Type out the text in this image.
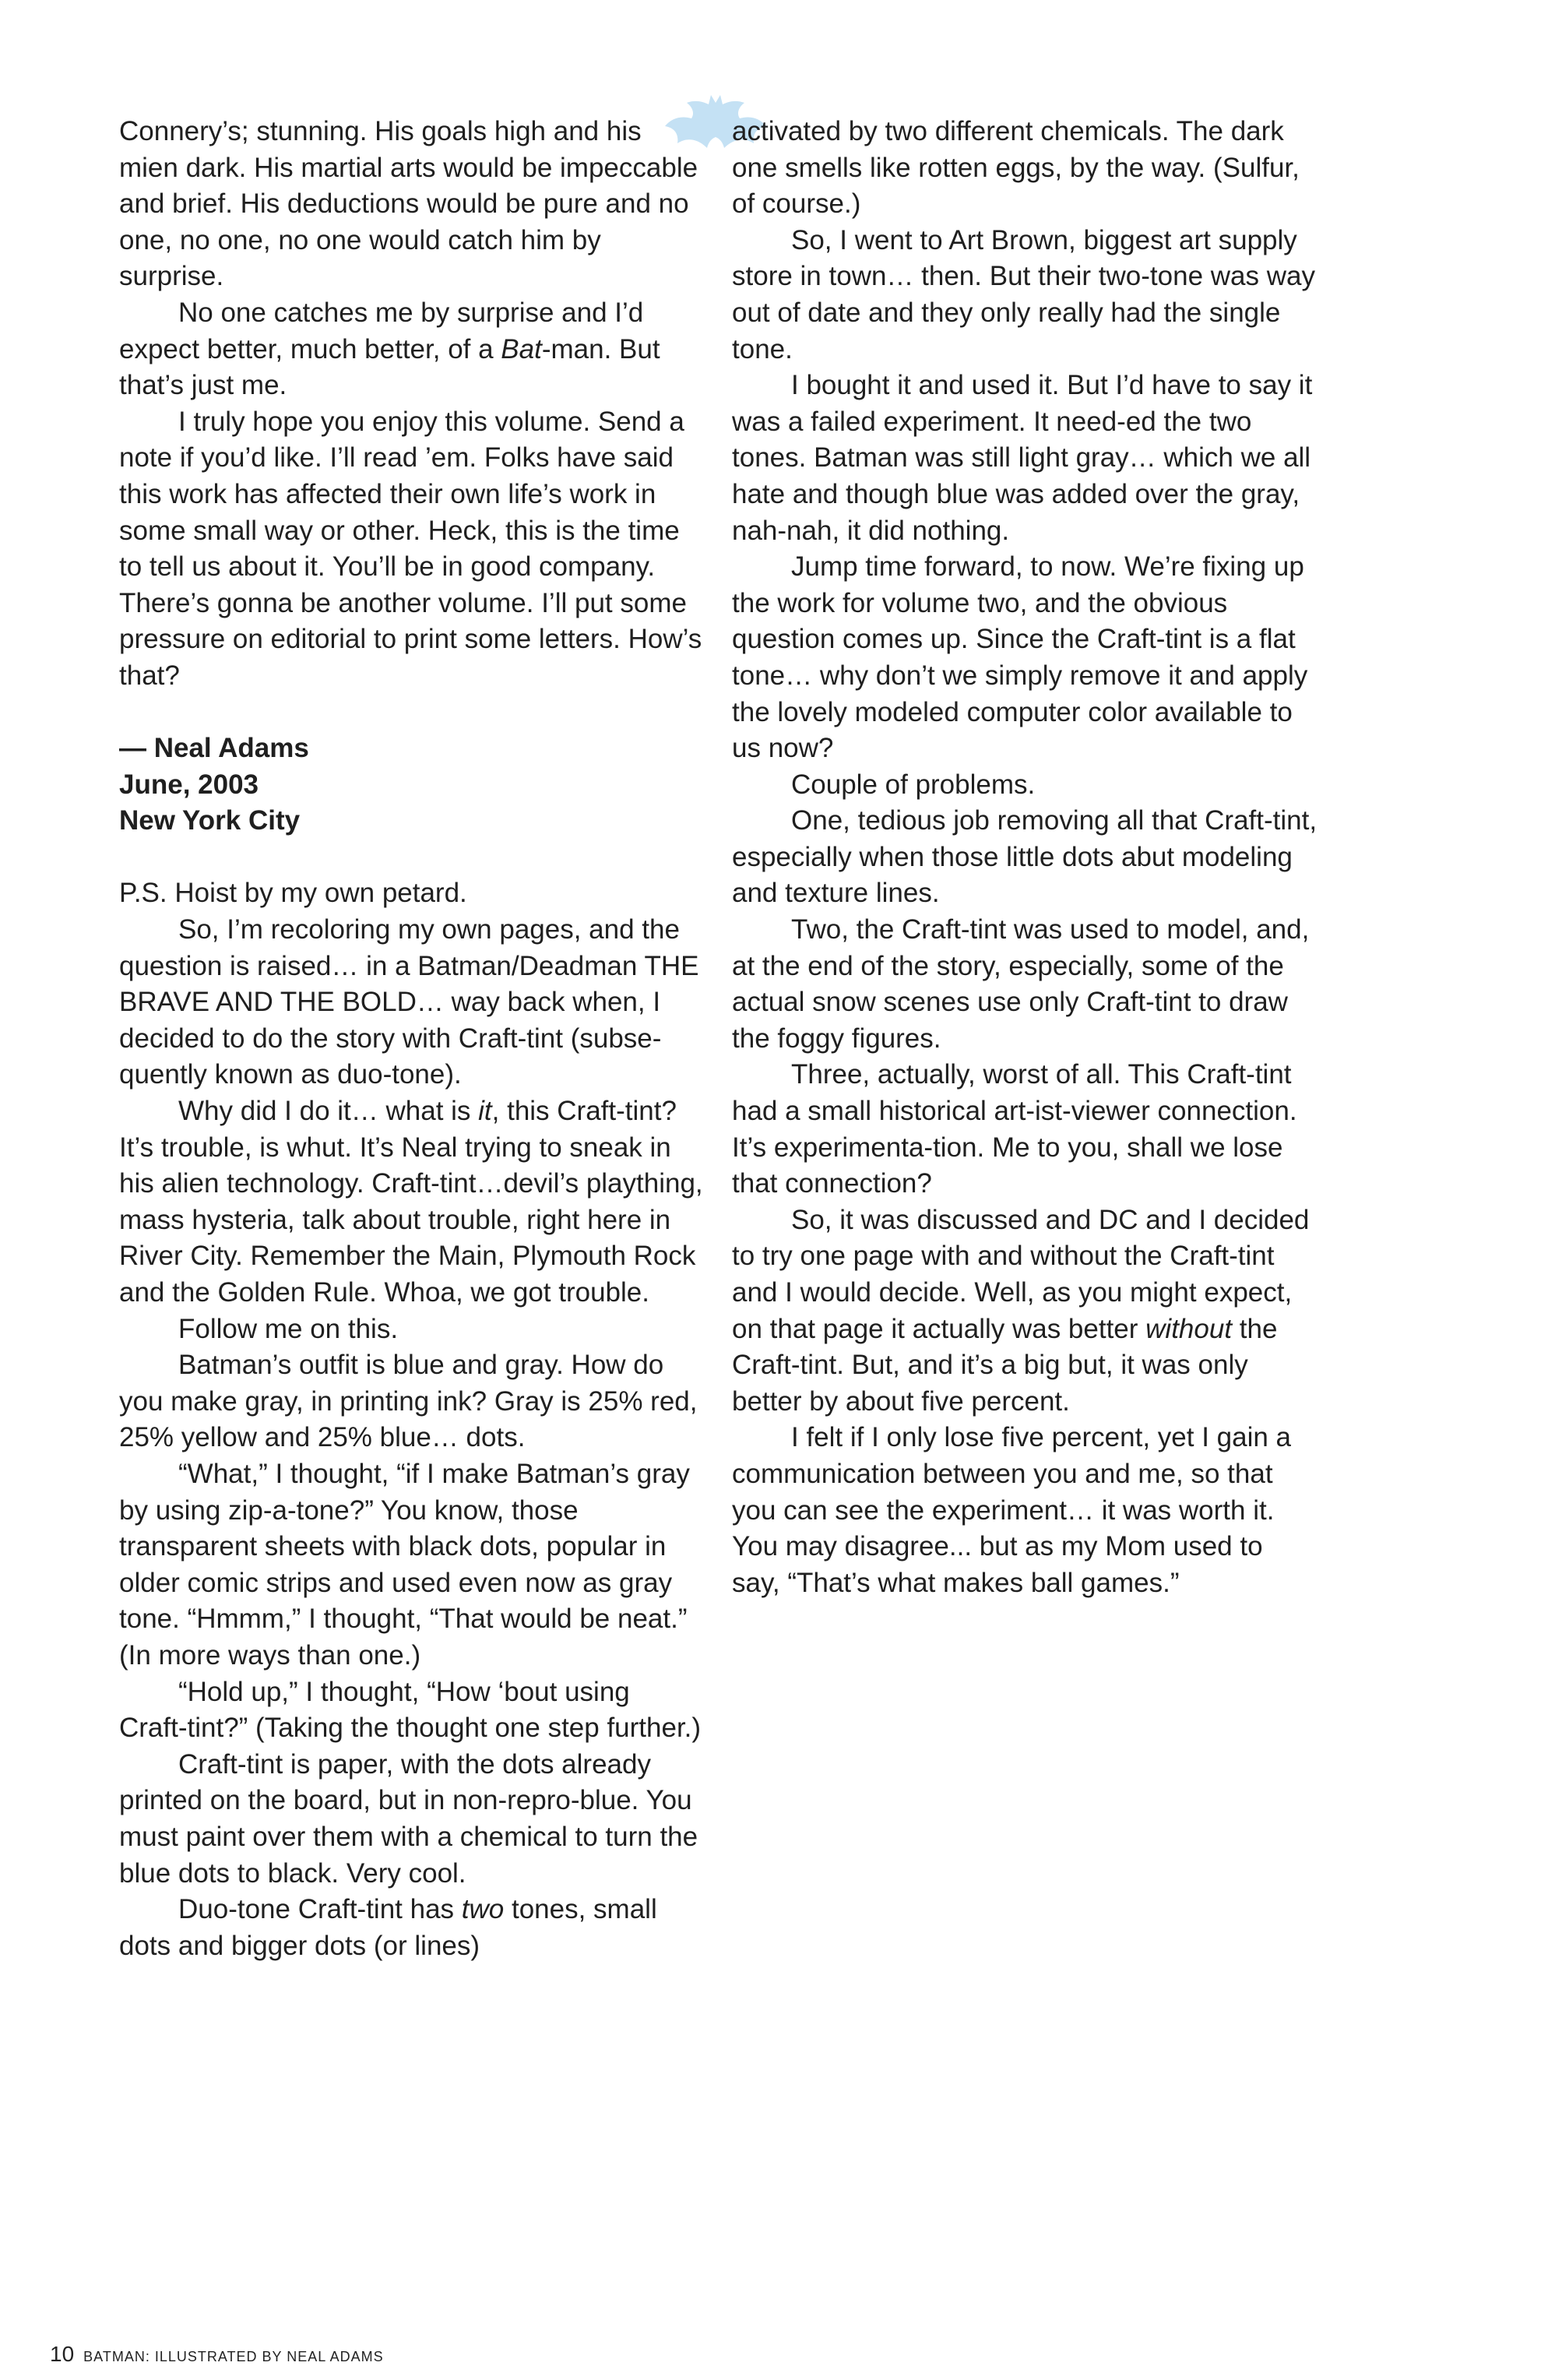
Connery’s; stunning. His goals high and his mien dark. His martial arts would be impeccable and brief. His deductions would be pure and no one, no one, no one would catch him by surprise.

No one catches me by surprise and I’d expect better, much better, of a Bat-man. But that’s just me.

I truly hope you enjoy this volume. Send a note if you’d like. I’ll read ’em. Folks have said this work has affected their own life’s work in some small way or other. Heck, this is the time to tell us about it. You’ll be in good company. There’s gonna be another volume. I’ll put some pressure on editorial to print some letters. How’s that?

— Neal Adams

June, 2003

New York City

P.S. Hoist by my own petard.

So, I’m recoloring my own pages, and the question is raised… in a Batman/Deadman THE BRAVE AND THE BOLD… way back when, I decided to do the story with Craft-tint (subse-quently known as duo-tone).

Why did I do it… what is it, this Craft-tint? It’s trouble, is whut. It’s Neal trying to sneak in his alien technology. Craft-tint…devil’s plaything, mass hysteria, talk about trouble, right here in River City. Remember the Main, Plymouth Rock and the Golden Rule. Whoa, we got trouble.

Follow me on this.

Batman’s outfit is blue and gray. How do you make gray, in printing ink? Gray is 25% red, 25% yellow and 25% blue… dots.

“What,” I thought, “if I make Batman’s gray by using zip-a-tone?” You know, those transparent sheets with black dots, popular in older comic strips and used even now as gray tone. “Hmmm,” I thought, “That would be neat.” (In more ways than one.)

“Hold up,” I thought, “How ‘bout using Craft-tint?” (Taking the thought one step further.)

Craft-tint is paper, with the dots already printed on the board, but in non-repro-blue. You must paint over them with a chemical to turn the blue dots to black. Very cool.

Duo-tone Craft-tint has two tones, small dots and bigger dots (or lines)

activated by two different chemicals. The dark one smells like rotten eggs, by the way. (Sulfur, of course.)

So, I went to Art Brown, biggest art supply store in town… then. But their two-tone was way out of date and they only really had the single tone.

I bought it and used it. But I’d have to say it was a failed experiment. It need-ed the two tones. Batman was still light gray… which we all hate and though blue was added over the gray, nah-nah, it did nothing.

Jump time forward, to now. We’re fixing up the work for volume two, and the obvious question comes up. Since the Craft-tint is a flat tone… why don’t we simply remove it and apply the lovely modeled computer color available to us now?

Couple of problems.

One, tedious job removing all that Craft-tint, especially when those little dots abut modeling and texture lines.

Two, the Craft-tint was used to model, and, at the end of the story, especially, some of the actual snow scenes use only Craft-tint to draw the foggy figures.

Three, actually, worst of all. This Craft-tint had a small historical art-ist-viewer connection. It’s experimenta-tion. Me to you, shall we lose that connection?

So, it was discussed and DC and I decided to try one page with and without the Craft-tint and I would decide. Well, as you might expect, on that page it actually was better without the Craft-tint. But, and it’s a big but, it was only better by about five percent.

I felt if I only lose five percent, yet I gain a communication between you and me, so that you can see the experiment… it was worth it. You may disagree... but as my Mom used to say, “That’s what makes ball games.”

10 BATMAN: ILLUSTRATED BY NEAL ADAMS
